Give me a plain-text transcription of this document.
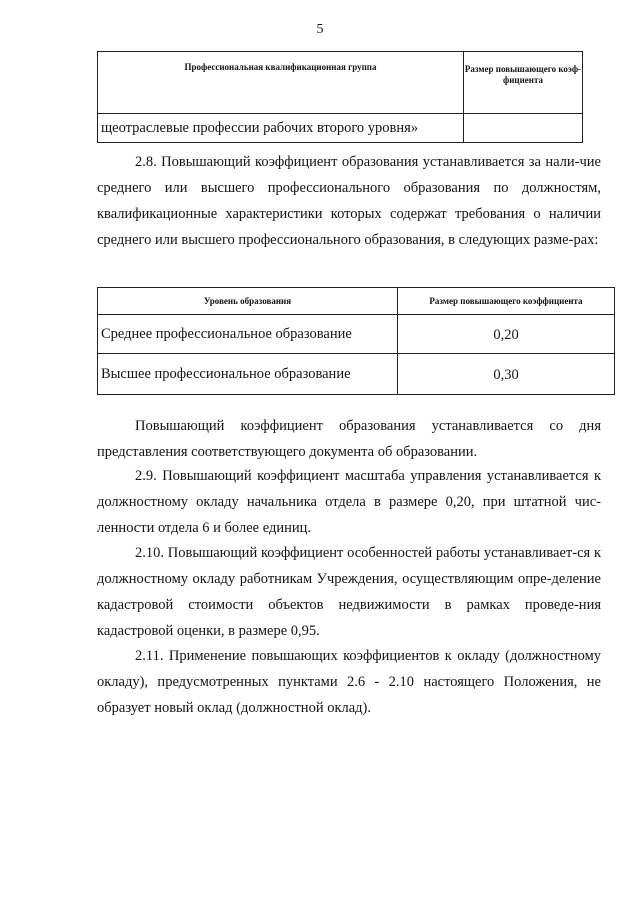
5
Профессиональная квалификационная группа	Размер повышающего коэф-фициента
щеотраслевые профессии рабочих второго уровня»	
2.8. Повышающий коэффициент образования устанавливается за нали-чие среднего или высшего профессионального образования по должностям, квалификационные характеристики которых содержат требования о наличии среднего или высшего профессионального образования, в следующих разме-рах:
Уровень образования	Размер повышающего коэффициента
Среднее профессиональное образование	0,20
Высшее профессиональное образование	0,30
Повышающий коэффициент образования устанавливается со дня представления соответствующего документа об образовании.
2.9. Повышающий коэффициент масштаба управления устанавливается к должностному окладу начальника отдела в размере 0,20, при штатной чис-ленности отдела 6 и более единиц.
2.10. Повышающий коэффициент особенностей работы устанавливает-ся к должностному окладу работникам Учреждения, осуществляющим опре-деление кадастровой стоимости объектов недвижимости в рамках проведе-ния кадастровой оценки, в размере 0,95.
2.11. Применение повышающих коэффициентов к окладу (должностному окладу), предусмотренных пунктами 2.6 - 2.10 настоящего Положения, не образует новый оклад (должностной оклад).
